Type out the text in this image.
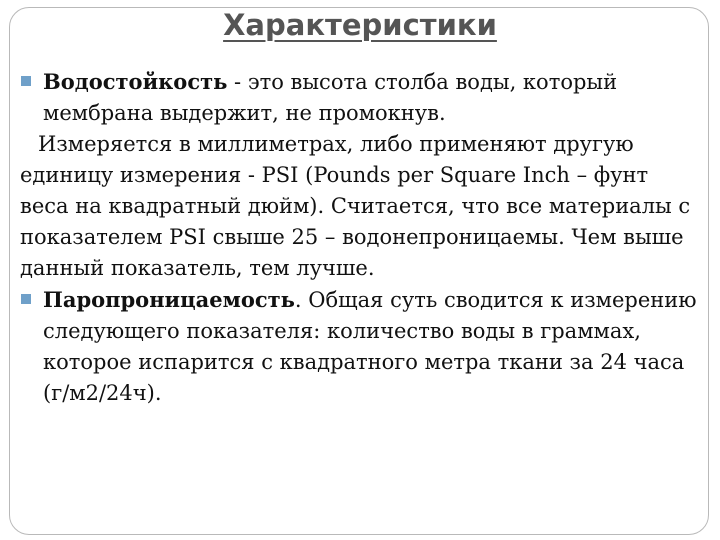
Характеристики

Водостойкость - это высота столба воды, который мембрана выдержит, не промокнув.

Измеряется в миллиметрах, либо применяют другую единицу измерения - PSI (Pounds per Square Inch – фунт веса на квадратный дюйм). Считается, что все материалы с показателем PSI свыше 25 – водонепроницаемы. Чем выше данный показатель, тем лучше.

Паропроницаемость. Общая суть сводится к измерению следующего показателя: количество воды в граммах, которое испарится с квадратного метра ткани за 24 часа (г/м2/24ч).
